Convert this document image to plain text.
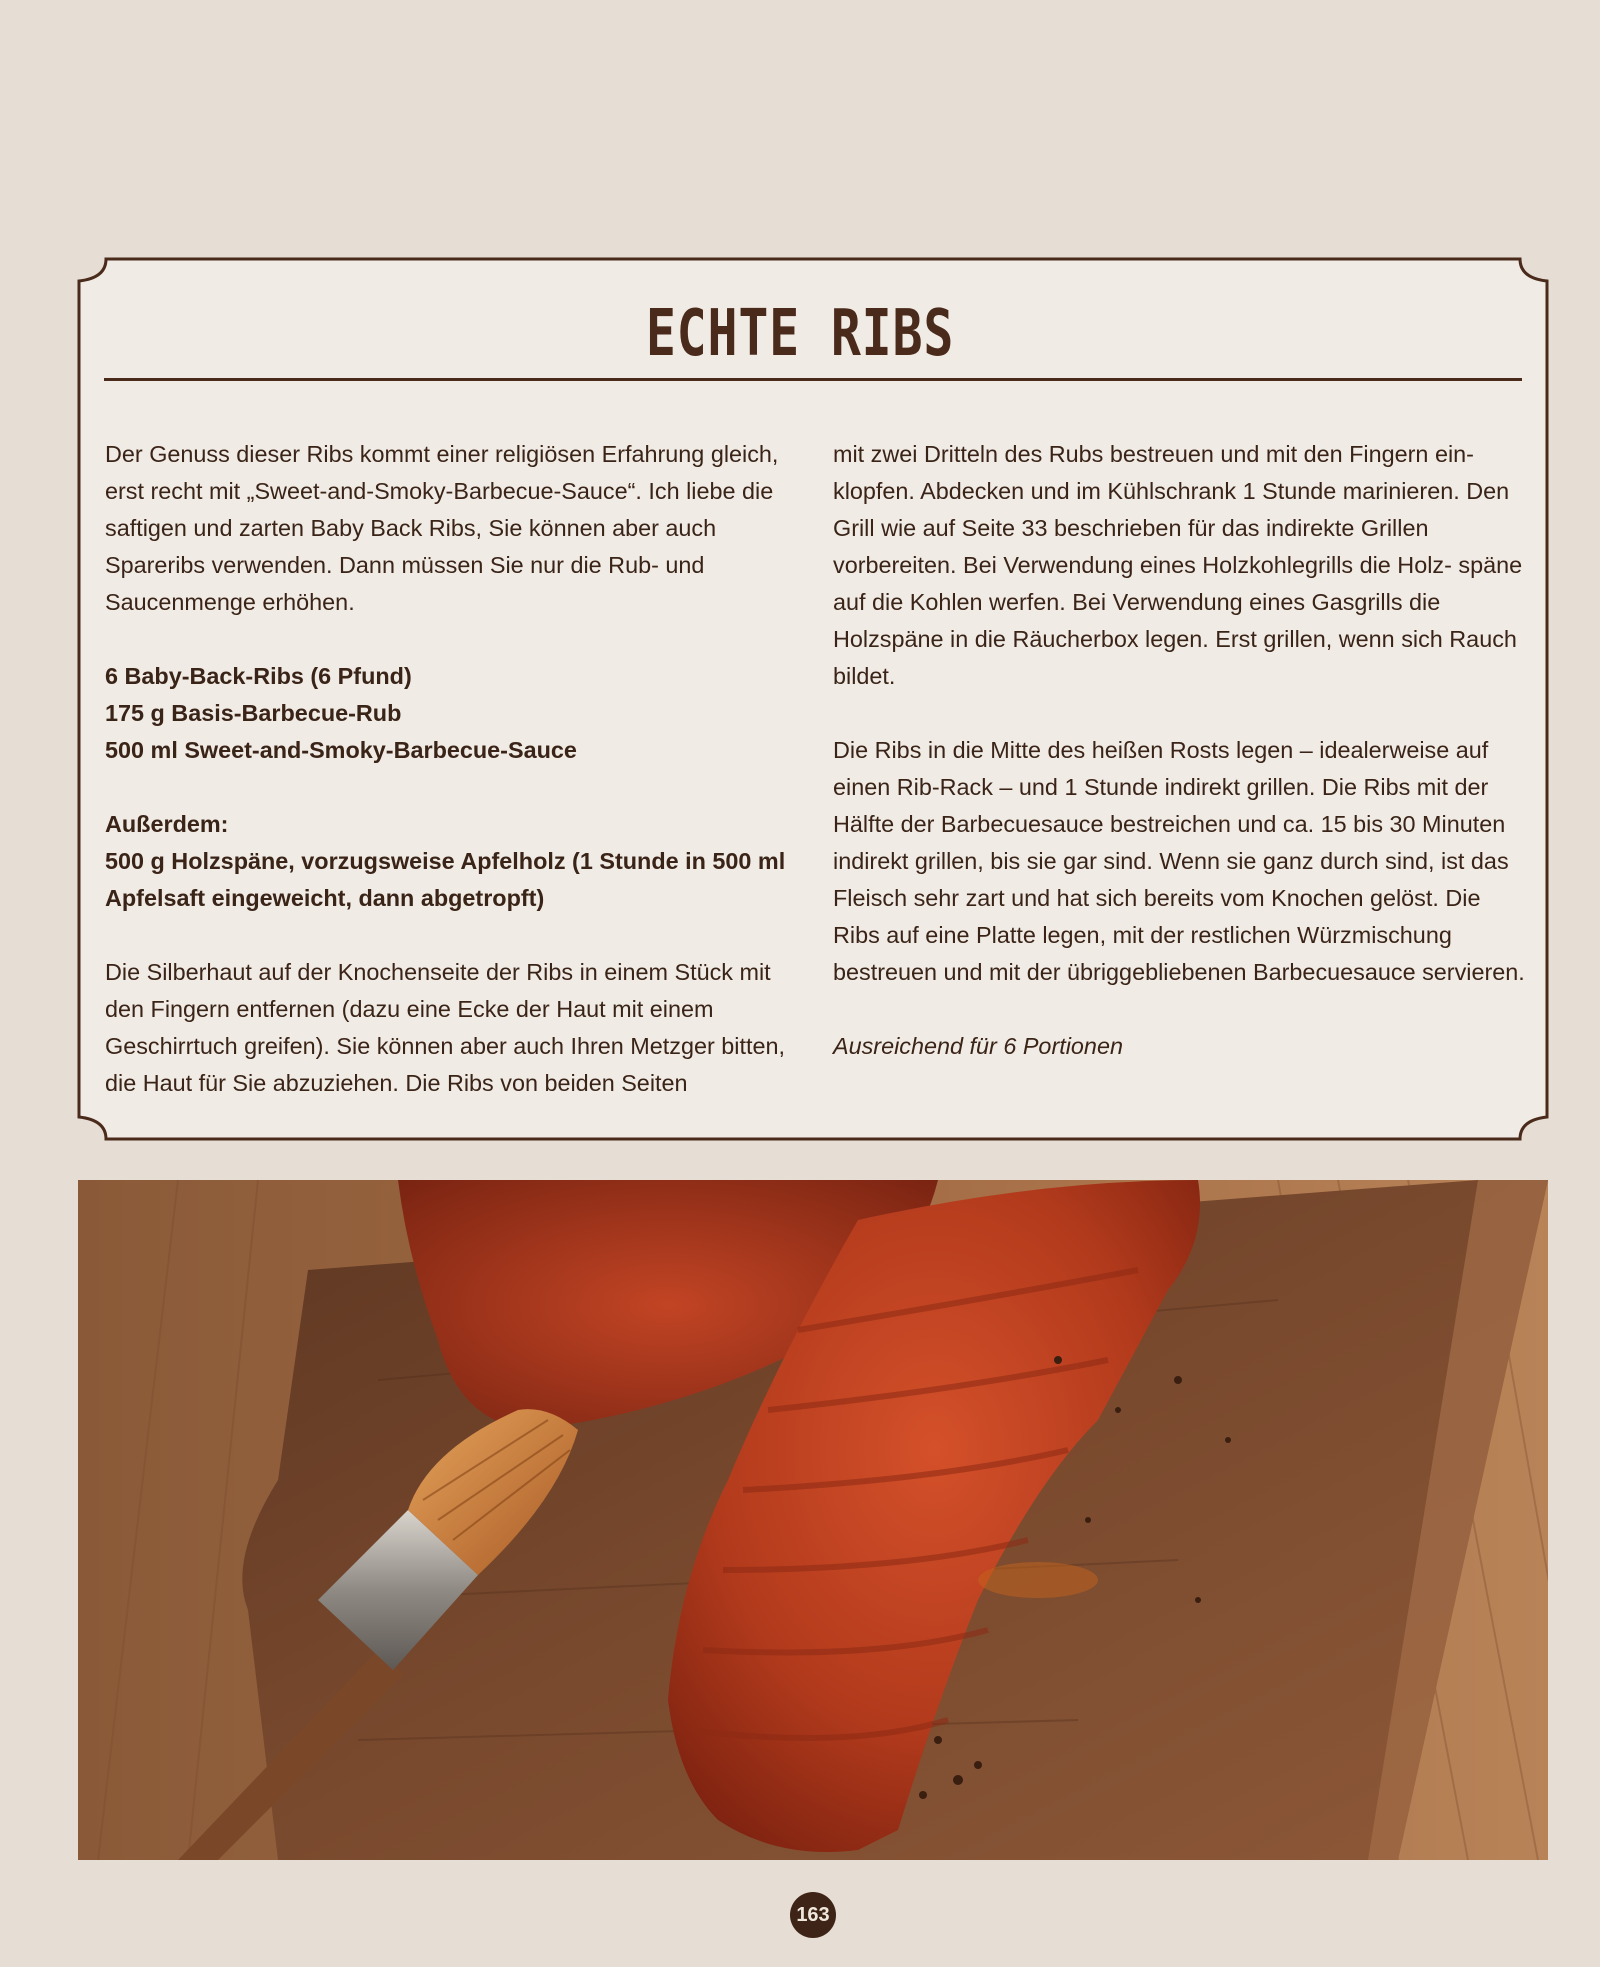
ECHTE RIBS

Der Genuss dieser Ribs kommt einer religiösen Erfahrung gleich, erst recht mit „Sweet-and-Smoky-Barbecue-Sauce“. Ich liebe die saftigen und zarten Baby Back Ribs, Sie können aber auch Spareribs verwenden. Dann müssen Sie nur die Rub- und Saucenmenge erhöhen.

6 Baby-Back-Ribs (6 Pfund)
175 g Basis-Barbecue-Rub
500 ml Sweet-and-Smoky-Barbecue-Sauce

Außerdem:
500 g Holzspäne, vorzugsweise Apfelholz (1 Stunde in 500 ml Apfelsaft eingeweicht, dann abgetropft)

Die Silberhaut auf der Knochenseite der Ribs in einem Stück mit den Fingern entfernen (dazu eine Ecke der Haut mit einem Geschirrtuch greifen). Sie können aber auch Ihren Metzger bitten, die Haut für Sie abzuziehen. Die Ribs von beiden Seiten

mit zwei Dritteln des Rubs bestreuen und mit den Fingern ein- klopfen. Abdecken und im Kühlschrank 1 Stunde marinieren. Den Grill wie auf Seite 33 beschrieben für das indirekte Grillen vorbereiten. Bei Verwendung eines Holzkohlegrills die Holz- späne auf die Kohlen werfen. Bei Verwendung eines Gasgrills die Holzspäne in die Räucherbox legen. Erst grillen, wenn sich Rauch bildet.

Die Ribs in die Mitte des heißen Rosts legen – idealerweise auf einen Rib-Rack – und 1 Stunde indirekt grillen. Die Ribs mit der Hälfte der Barbecuesauce bestreichen und ca. 15 bis 30 Minuten indirekt grillen, bis sie gar sind. Wenn sie ganz durch sind, ist das Fleisch sehr zart und hat sich bereits vom Knochen gelöst. Die Ribs auf eine Platte legen, mit der restlichen Würzmischung bestreuen und mit der übriggebliebenen Barbecuesauce servieren.

Ausreichend für 6 Portionen

163
